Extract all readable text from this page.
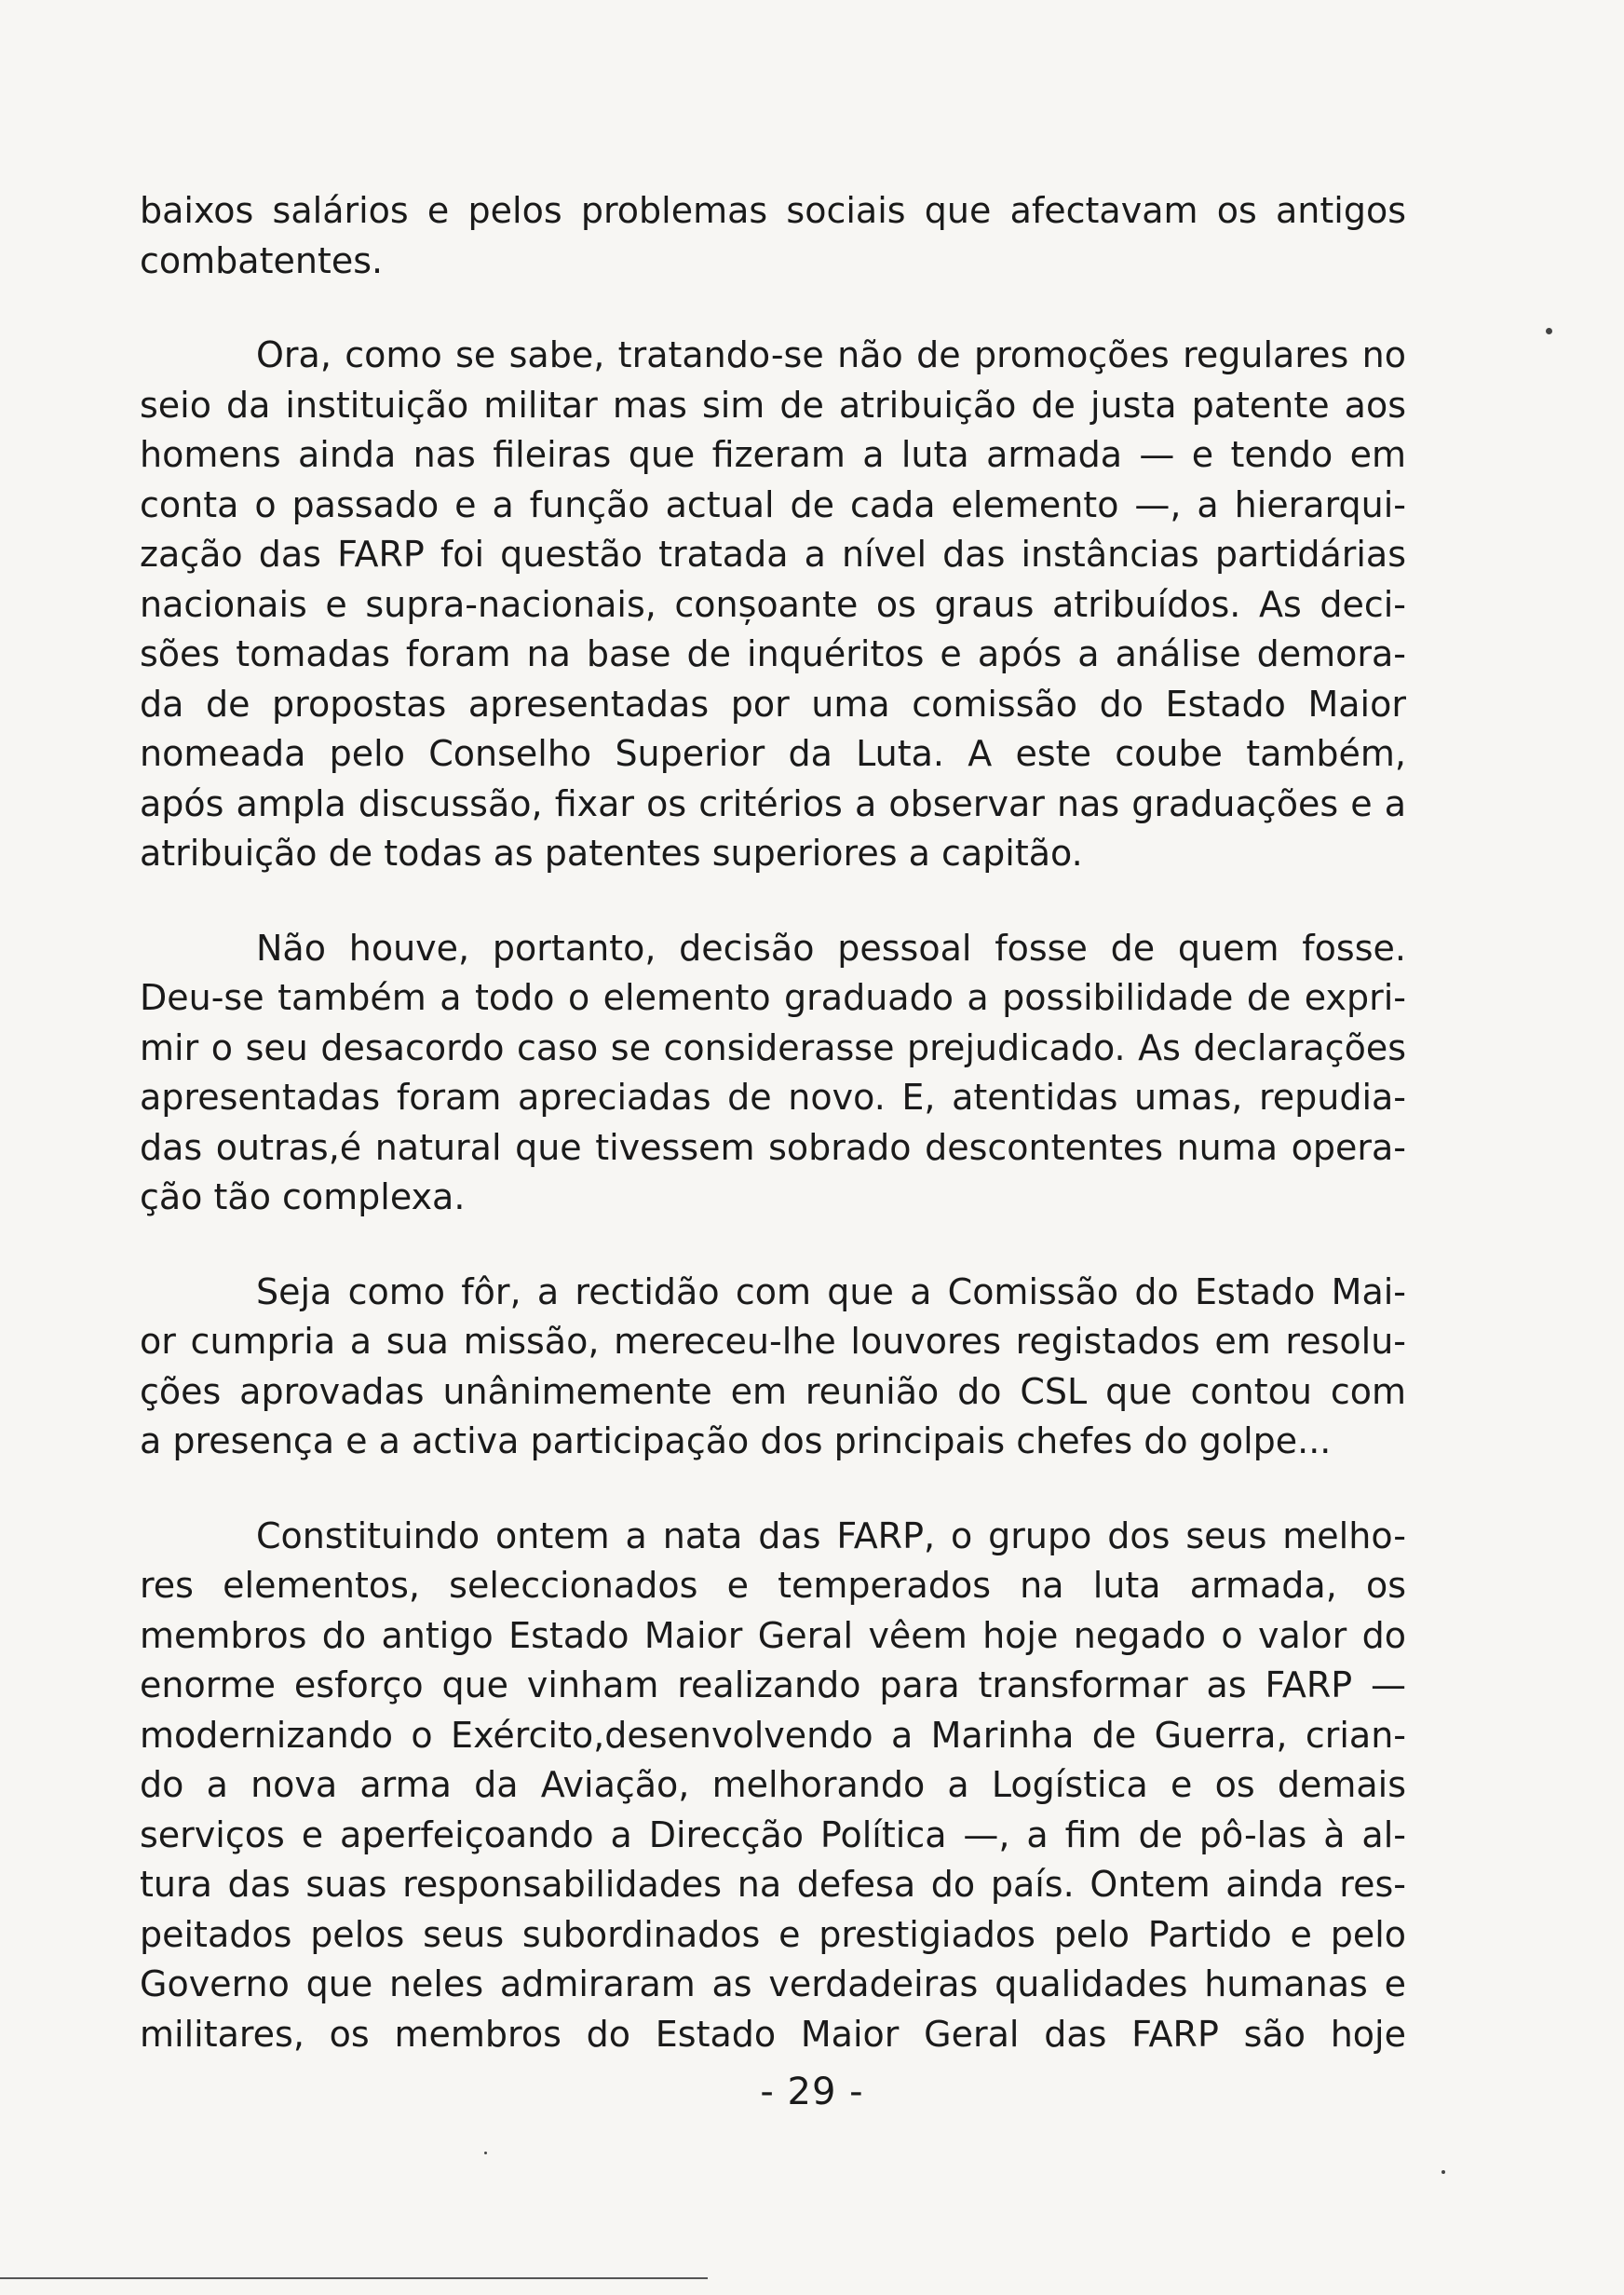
baixos salários e pelos problemas sociais que afectavam os antigos
combatentes.
Ora, como se sabe, tratando-se não de promoções regulares no
seio da instituição militar mas sim de atribuição de justa patente aos
homens ainda nas fileiras que fizeram a luta armada — e tendo em
conta o passado e a função actual de cada elemento —, a hierarqui-
zação das FARP foi questão tratada a nível das instâncias partidárias
nacionais e supra-nacionais, conșoante os graus atribuídos. As deci-
sões tomadas foram na base de inquéritos e após a análise demora-
da de propostas apresentadas por uma comissão do Estado Maior
nomeada pelo Conselho Superior da Luta. A este coube também,
após ampla discussão, fixar os critérios a observar nas graduações e a
atribuição de todas as patentes superiores a capitão.
Não houve, portanto, decisão pessoal fosse de quem fosse.
Deu-se também a todo o elemento graduado a possibilidade de expri-
mir o seu desacordo caso se considerasse prejudicado. As declarações
apresentadas foram apreciadas de novo. E, atentidas umas, repudia-
das outras,é natural que tivessem sobrado descontentes numa opera-
ção tão complexa.
Seja como fôr, a rectidão com que a Comissão do Estado Mai-
or cumpria a sua missão, mereceu-lhe louvores registados em resolu-
ções aprovadas unânimemente em reunião do CSL que contou com
a presença e a activa participação dos principais chefes do golpe...
Constituindo ontem a nata das FARP, o grupo dos seus melho-
res elementos, seleccionados e temperados na luta armada, os
membros do antigo Estado Maior Geral vêem hoje negado o valor do
enorme esforço que vinham realizando para transformar as FARP —
modernizando o Exército,desenvolvendo a Marinha de Guerra, crian-
do a nova arma da Aviação, melhorando a Logística e os demais
serviços e aperfeiçoando a Direcção Política —, a fim de pô-las à al-
tura das suas responsabilidades na defesa do país. Ontem ainda res-
peitados pelos seus subordinados e prestigiados pelo Partido e pelo
Governo que neles admiraram as verdadeiras qualidades humanas e
militares, os membros do Estado Maior Geral das FARP são hoje
- 29 -
